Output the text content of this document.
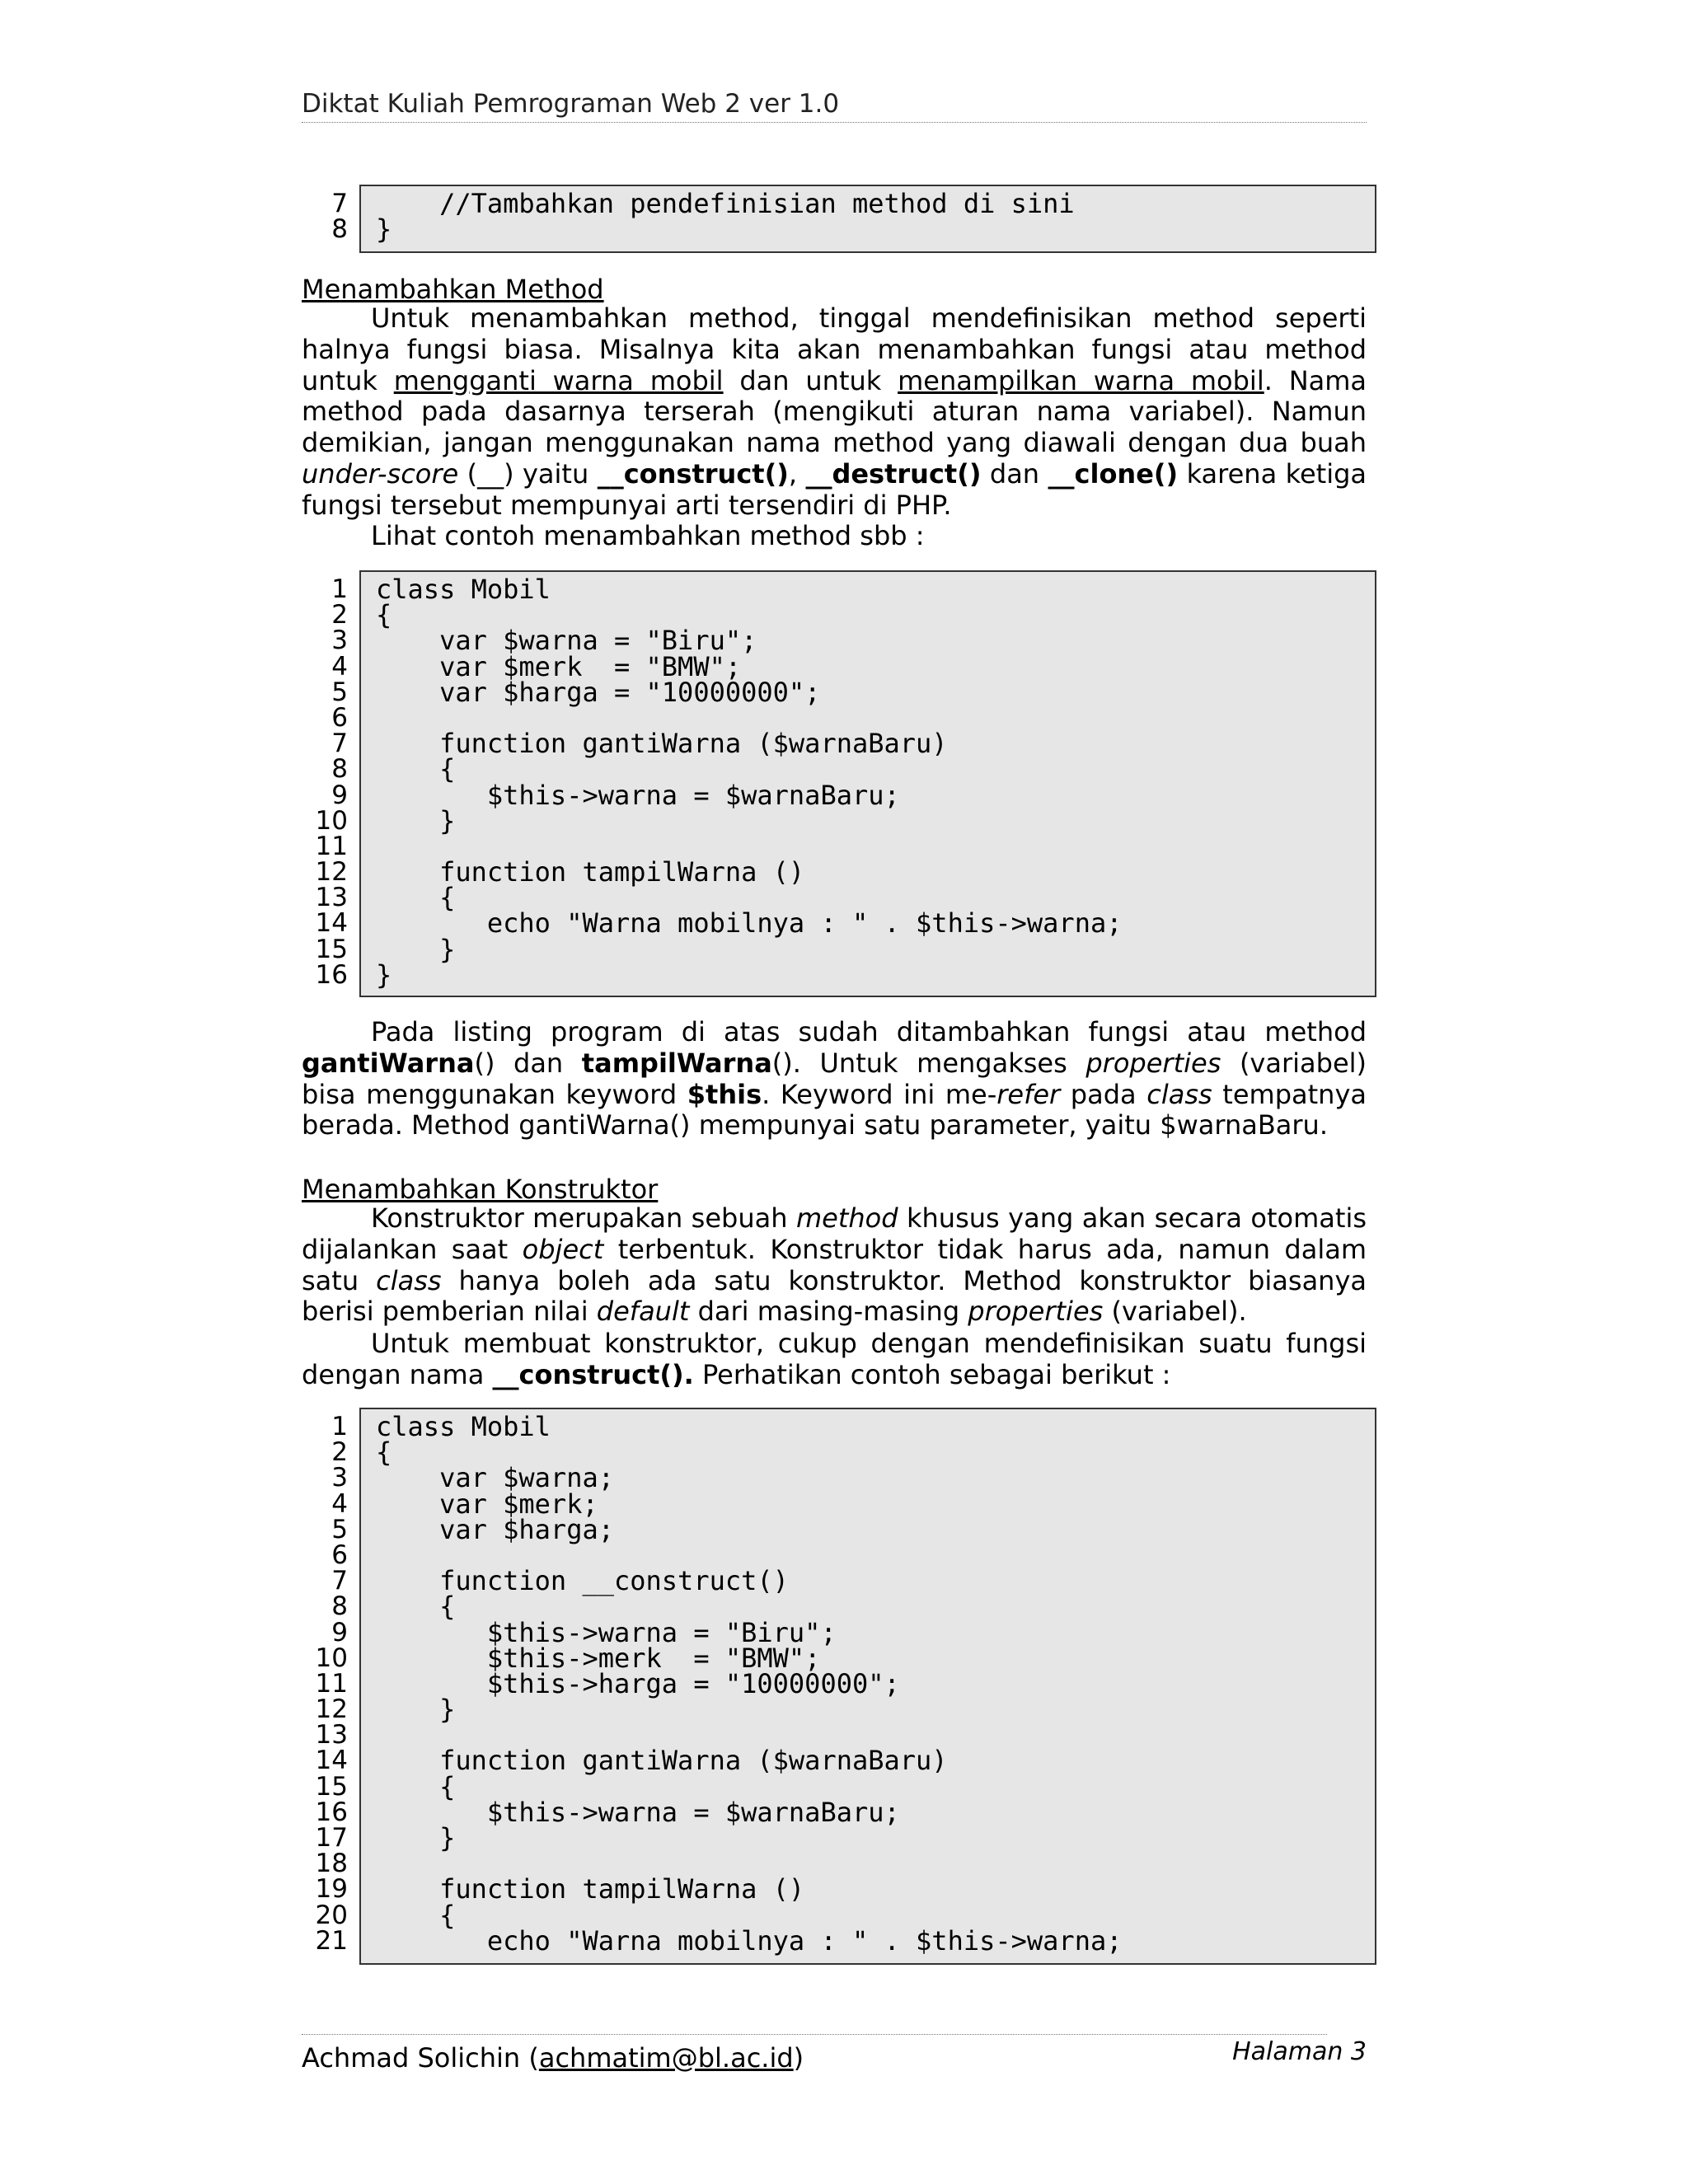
Diktat Kuliah Pemrograman Web 2 ver 1.0
7
8
//Tambahkan pendefinisian method di sini
}
Menambahkan Method
Untuk menambahkan method, tinggal mendefinisikan method seperti halnya fungsi biasa. Misalnya kita akan menambahkan fungsi atau method untuk mengganti warna mobil dan untuk menampilkan warna mobil. Nama method pada dasarnya terserah (mengikuti aturan nama variabel). Namun demikian, jangan menggunakan nama method yang diawali dengan dua buah under-score (__) yaitu __construct(), __destruct() dan __clone() karena ketiga fungsi tersebut mempunyai arti tersendiri di PHP.
Lihat contoh menambahkan method sbb :
1
2
3
4
5
6
7
8
9
10
11
12
13
14
15
16
class Mobil
{
var $warna = "Biru";
var $merk  = "BMW";
var $harga = "10000000";

function gantiWarna ($warnaBaru)
{
$this->warna = $warnaBaru;
}

function tampilWarna ()
{
echo "Warna mobilnya : " . $this->warna;
}
}
Pada listing program di atas sudah ditambahkan fungsi atau method gantiWarna() dan tampilWarna(). Untuk mengakses properties (variabel) bisa menggunakan keyword $this. Keyword ini me-refer pada class tempatnya berada. Method gantiWarna() mempunyai satu parameter, yaitu $warnaBaru.
Menambahkan Konstruktor
Konstruktor merupakan sebuah method khusus yang akan secara otomatis dijalankan saat object terbentuk. Konstruktor tidak harus ada, namun dalam satu class hanya boleh ada satu konstruktor. Method konstruktor biasanya berisi pemberian nilai default dari masing-masing properties (variabel).
Untuk membuat konstruktor, cukup dengan mendefinisikan suatu fungsi dengan nama __construct(). Perhatikan contoh sebagai berikut :
1
2
3
4
5
6
7
8
9
10
11
12
13
14
15
16
17
18
19
20
21
class Mobil
{
var $warna;
var $merk;
var $harga;

function __construct()
{
$this->warna = "Biru";
$this->merk  = "BMW";
$this->harga = "10000000";
}

function gantiWarna ($warnaBaru)
{
$this->warna = $warnaBaru;
}

function tampilWarna ()
{
echo "Warna mobilnya : " . $this->warna;
Achmad Solichin (achmatim@bl.ac.id)	Halaman 3
